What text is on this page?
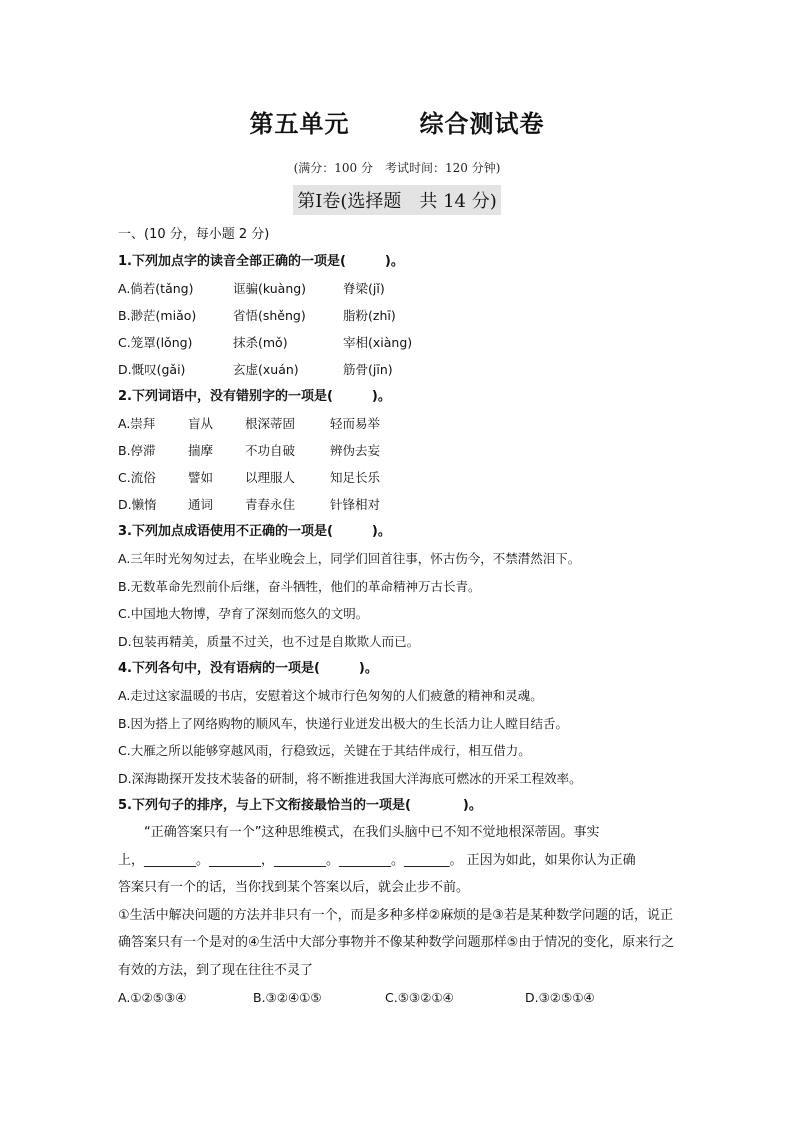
第五单元	综合测试卷
(满分：100 分　考试时间：120 分钟)
第Ⅰ卷(选择题　共 14 分)
一、(10 分，每小题 2 分)
1.下列加点字的读音全部正确的一项是(　　　)。
A.倘若(tǎng)	诓骗(kuàng)	脊梁(jǐ)
B.渺茫(miǎo)	省悟(shěng)	脂粉(zhī)
C.笼罩(lǒng)	抹杀(mǒ)	宰相(xiàng)
D.慨叹(gǎi)	玄虚(xuán)	筋骨(jīn)
2.下列词语中，没有错别字的一项是(　　　)。
A.崇拜	盲从	根深蒂固	轻而易举
B.停滞	揣摩	不功自破	辨伪去妄
C.流俗	譬如	以理服人	知足长乐
D.懒惰	通词	青春永住	针锋相对
3.下列加点成语使用不正确的一项是(　　　)。
A.三年时光匆匆过去，在毕业晚会上，同学们回首往事，怀古伤今，不禁潸然泪下。
B.无数革命先烈前仆后继，奋斗牺牲，他们的革命精神万古长青。
C.中国地大物博，孕育了深刻而悠久的文明。
D.包装再精美，质量不过关，也不过是自欺欺人而已。
4.下列各句中，没有语病的一项是(　　　)。
A.走过这家温暖的书店，安慰着这个城市行色匆匆的人们疲惫的精神和灵魂。
B.因为搭上了网络购物的顺风车，快递行业迸发出极大的生长活力让人瞠目结舌。
C.大雁之所以能够穿越风雨，行稳致远，关键在于其结伴成行，相互借力。
D.深海勘探开发技术装备的研制，将不断推进我国大洋海底可燃冰的开采工程效率。
5.下列句子的排序，与上下文衔接最恰当的一项是(　　　　)。
“正确答案只有一个”这种思维模式，在我们头脑中已不知不觉地根深蒂固。事实
上，________。________，________。________。_______。 正因为如此，如果你认为正确
答案只有一个的话，当你找到某个答案以后，就会止步不前。
①生活中解决问题的方法并非只有一个，而是多种多样②麻烦的是③若是某种数学问题的话，说正确答案只有一个是对的④生活中大部分事物并不像某种数学问题那样⑤由于情况的变化，原来行之有效的方法，到了现在往往不灵了
A.①②⑤③④	B.③②④①⑤	C.⑤③②①④	D.③②⑤①④
